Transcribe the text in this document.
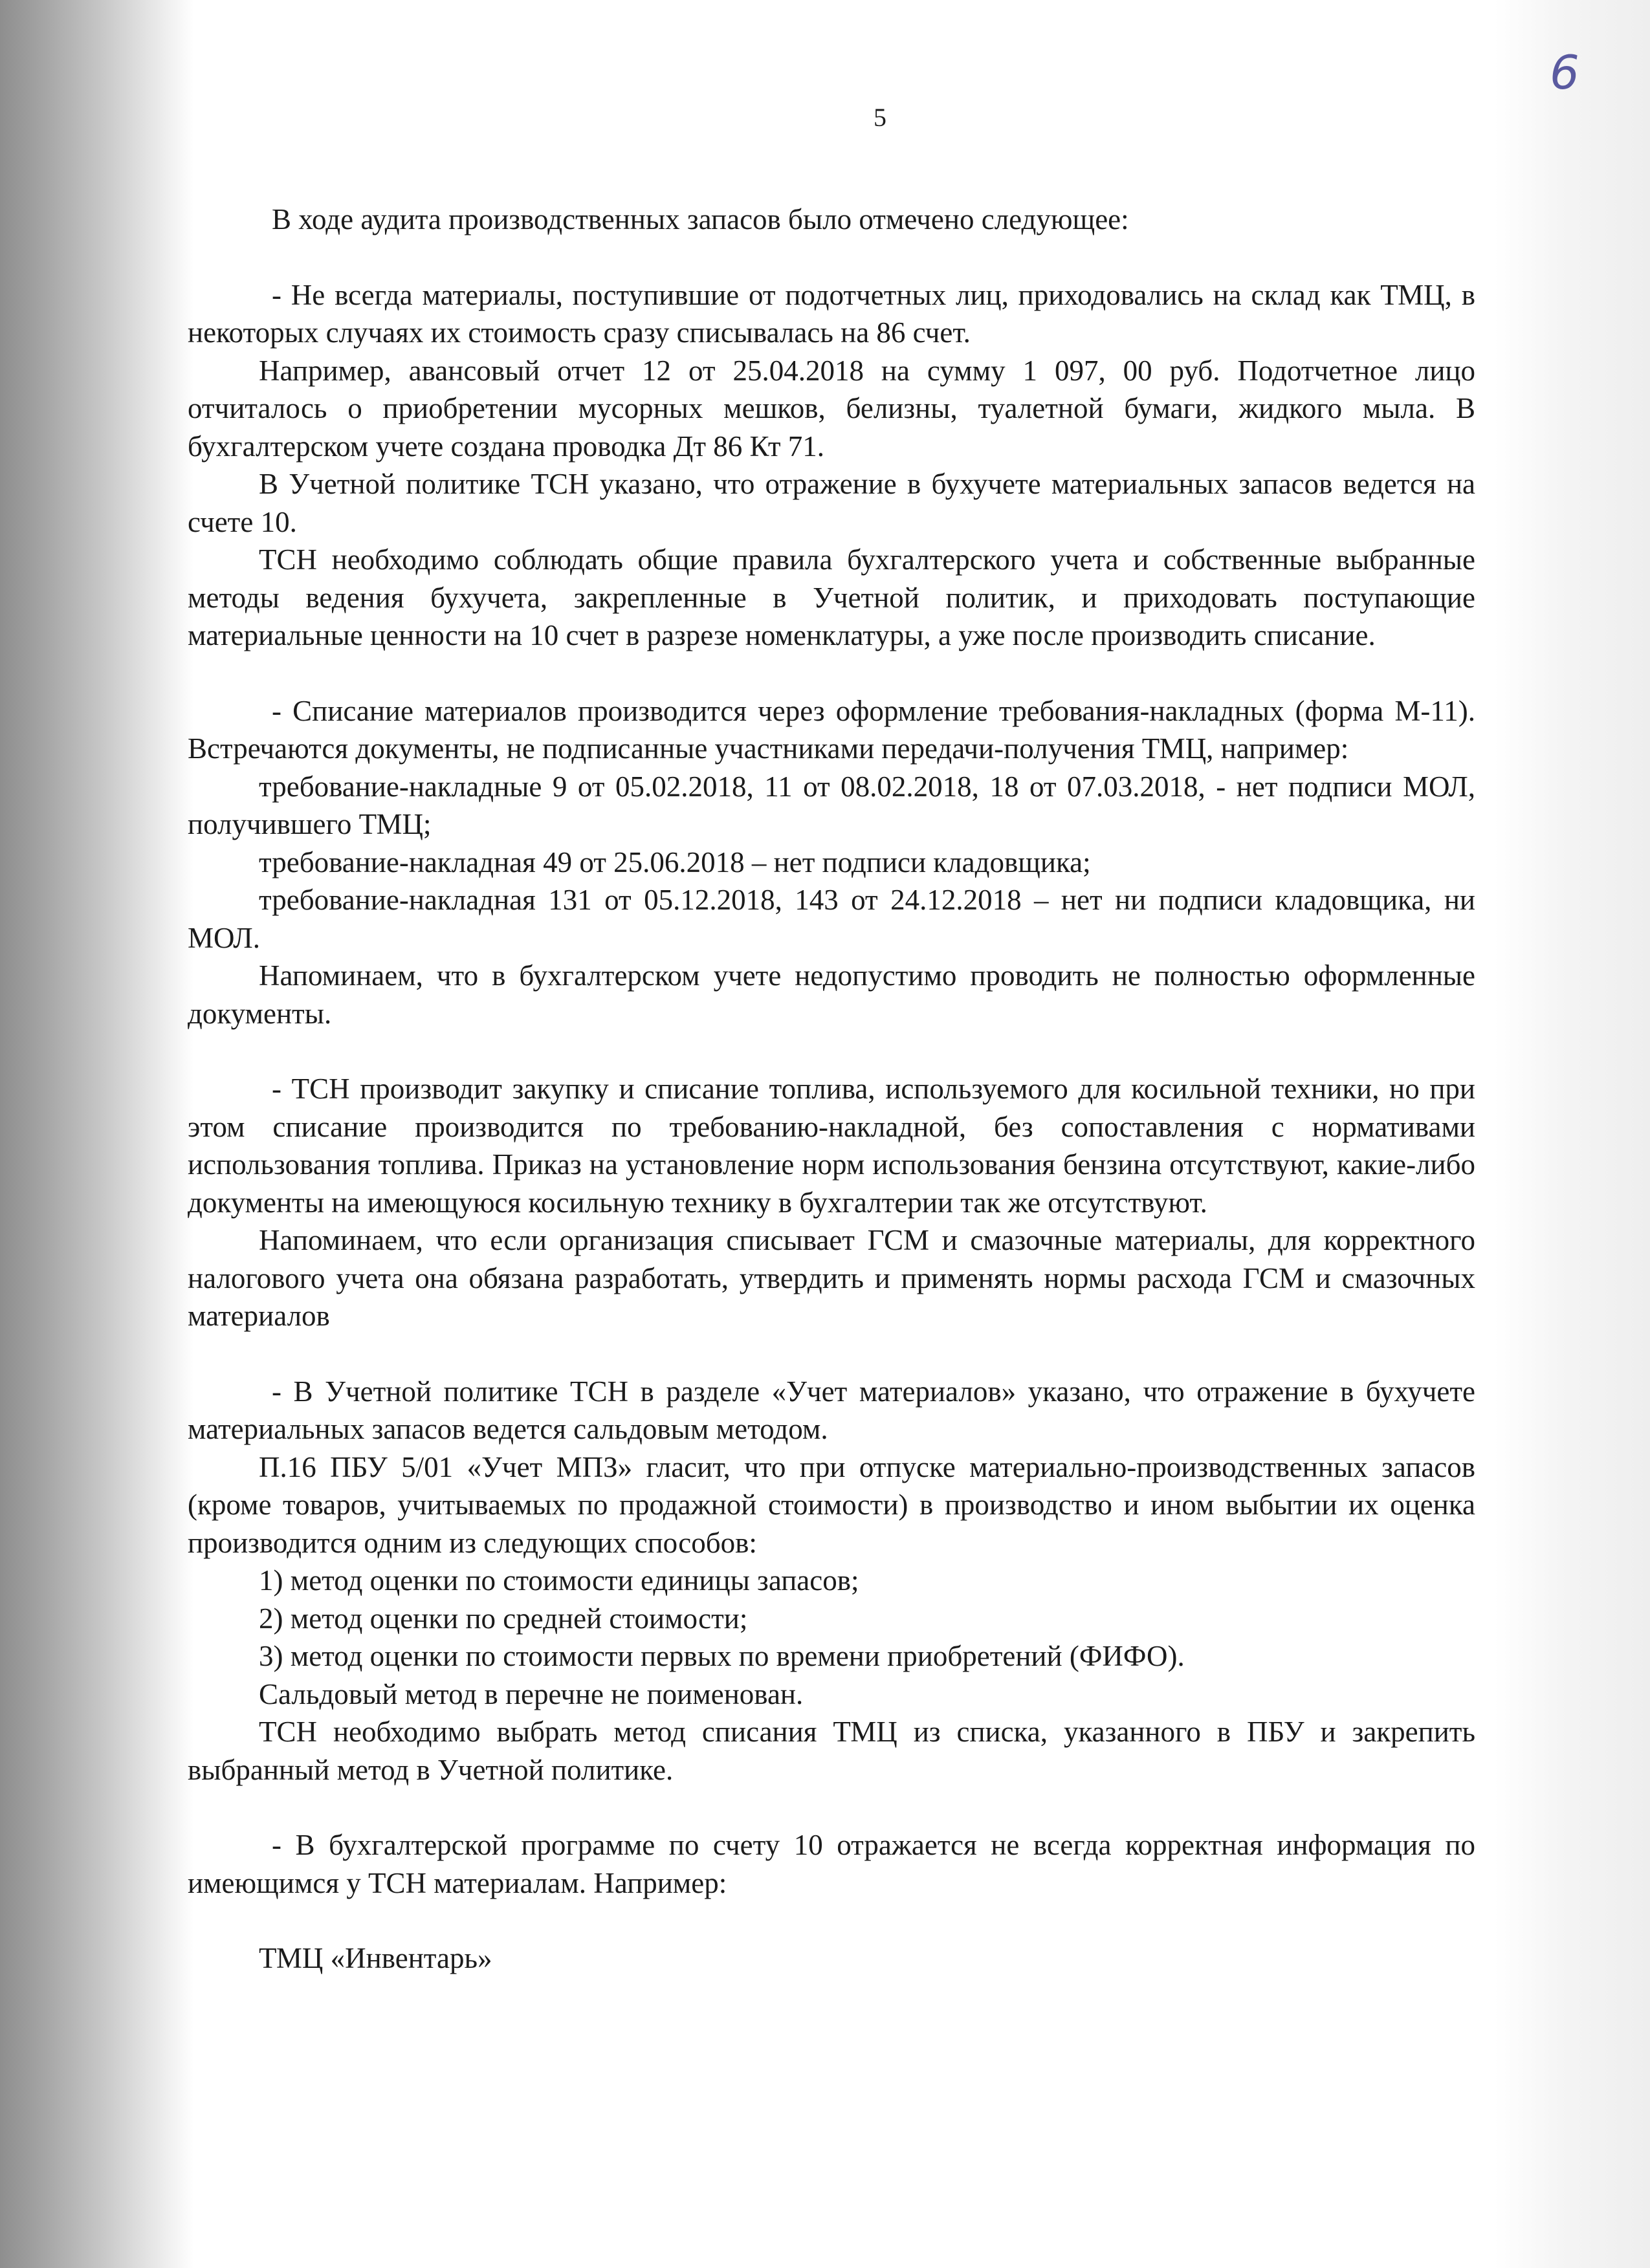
5
6

В ходе аудита производственных запасов было отмечено следующее:

- Не всегда материалы, поступившие от подотчетных лиц, приходовались на склад как ТМЦ, в некоторых случаях их стоимость сразу списывалась на 86 счет.

Например, авансовый отчет 12 от 25.04.2018 на сумму 1 097, 00 руб. Подотчетное лицо отчиталось о приобретении мусорных мешков, белизны, туалетной бумаги, жидкого мыла. В бухгалтерском учете создана проводка Дт 86 Кт 71.

В Учетной политике ТСН указано, что отражение в бухучете материальных запасов ведется на счете 10.

ТСН необходимо соблюдать общие правила бухгалтерского учета и собственные выбранные методы ведения бухучета, закрепленные в Учетной политик, и приходовать поступающие материальные ценности на 10 счет в разрезе номенклатуры, а уже после производить списание.

- Списание материалов производится через оформление требования-накладных (форма М-11). Встречаются документы, не подписанные участниками передачи-получения ТМЦ, например:

требование-накладные 9 от 05.02.2018, 11 от 08.02.2018, 18 от 07.03.2018, - нет подписи МОЛ, получившего ТМЦ;

требование-накладная 49 от 25.06.2018 – нет подписи кладовщика;

требование-накладная 131 от 05.12.2018, 143 от 24.12.2018 – нет ни подписи кладовщика, ни МОЛ.

Напоминаем, что в бухгалтерском учете недопустимо проводить не полностью оформленные документы.

- ТСН производит закупку и списание топлива, используемого для косильной техники, но при этом списание производится по требованию-накладной, без сопоставления с нормативами использования топлива. Приказ на установление норм использования бензина отсутствуют, какие-либо документы на имеющуюся косильную технику в бухгалтерии так же отсутствуют.

Напоминаем, что если организация списывает ГСМ и смазочные материалы, для корректного налогового учета она обязана разработать, утвердить и применять нормы расхода ГСМ и смазочных материалов

- В Учетной политике ТСН в разделе «Учет материалов» указано, что отражение в бухучете материальных запасов ведется сальдовым методом.

П.16 ПБУ 5/01 «Учет МПЗ» гласит, что при отпуске материально-производственных запасов (кроме товаров, учитываемых по продажной стоимости) в производство и ином выбытии их оценка производится одним из следующих способов:

1) метод оценки по стоимости единицы запасов;

2) метод оценки по средней стоимости;

3) метод оценки по стоимости первых по времени приобретений (ФИФО).

Сальдовый метод в перечне не поименован.

ТСН необходимо выбрать метод списания ТМЦ из списка, указанного в ПБУ и закрепить выбранный метод в Учетной политике.

- В бухгалтерской программе по счету 10 отражается не всегда корректная информация по имеющимся у ТСН материалам. Например:

ТМЦ «Инвентарь»
